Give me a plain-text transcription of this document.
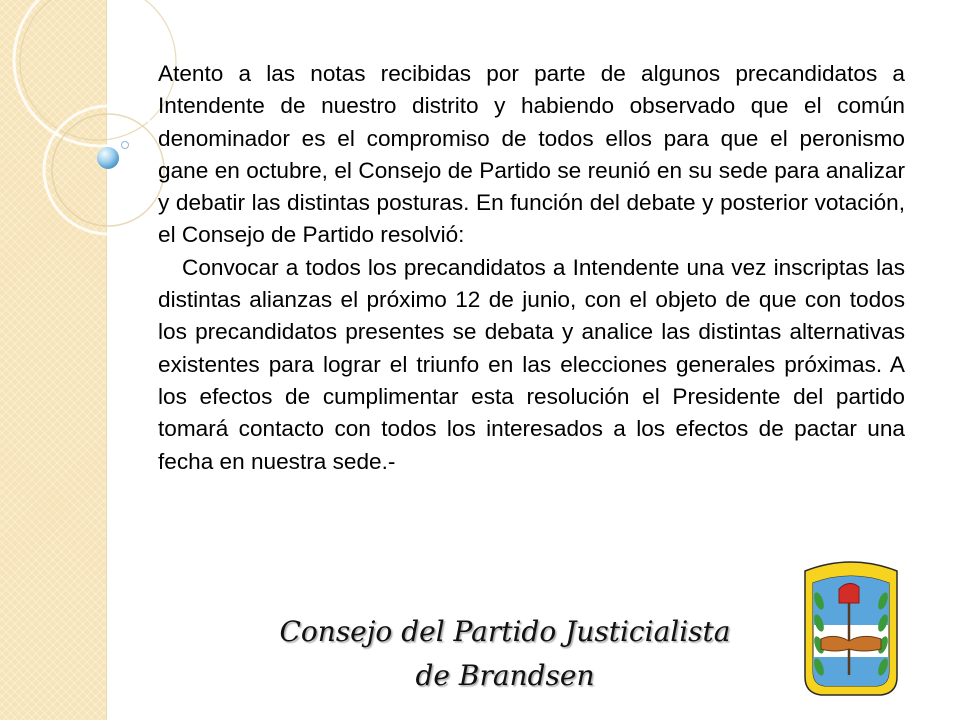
Atento a las notas recibidas por parte de algunos precandidatos a Intendente de nuestro distrito y habiendo observado que el común denominador es el compromiso de todos ellos para que el peronismo gane en octubre, el Consejo de Partido se reunió en su sede para analizar y debatir las distintas posturas. En función del debate y posterior votación, el Consejo de Partido resolvió:

Convocar a todos los precandidatos a Intendente una vez inscriptas las distintas alianzas el próximo 12 de junio, con el objeto de que con todos los precandidatos presentes se debata y analice las distintas alternativas existentes para lograr el triunfo en las elecciones generales próximas. A los efectos de cumplimentar esta resolución el Presidente del partido tomará contacto con todos los interesados a los efectos de pactar una fecha en nuestra sede.-

Consejo del Partido Justicialista
de Brandsen
